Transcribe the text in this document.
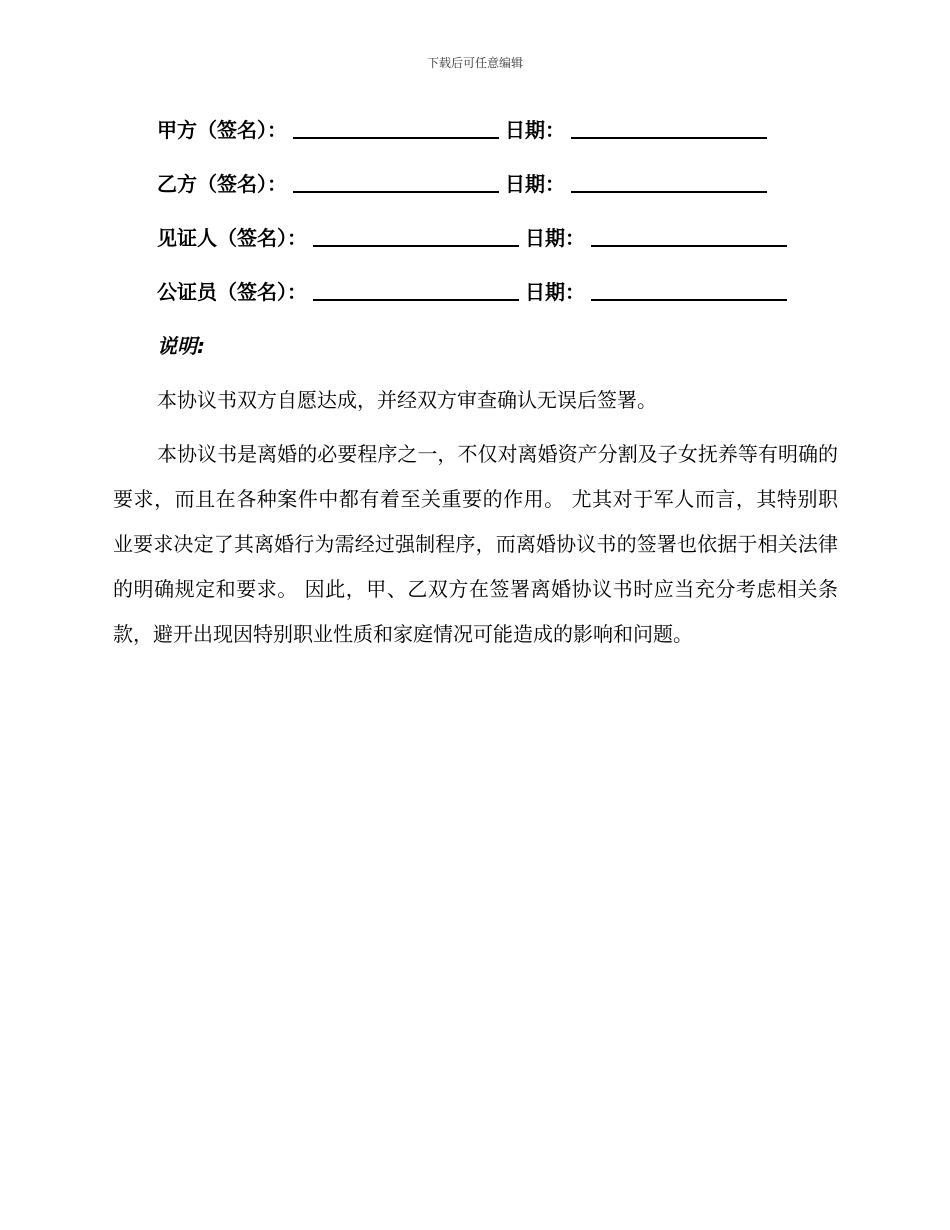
下载后可任意编辑
甲方（签名）：	日期：
乙方（签名）：	日期：
见证人（签名）：	日期：
公证员（签名）：	日期：
说明:

本协议书双方自愿达成，并经双方审查确认无误后签署。

本协议书是离婚的必要程序之一，不仅对离婚资产分割及子女抚养等有明确的要求，而且在各种案件中都有着至关重要的作用。 尤其对于军人而言，其特别职业要求决定了其离婚行为需经过强制程序，而离婚协议书的签署也依据于相关法律的明确规定和要求。 因此，甲、乙双方在签署离婚协议书时应当充分考虑相关条款，避开出现因特别职业性质和家庭情况可能造成的影响和问题。
